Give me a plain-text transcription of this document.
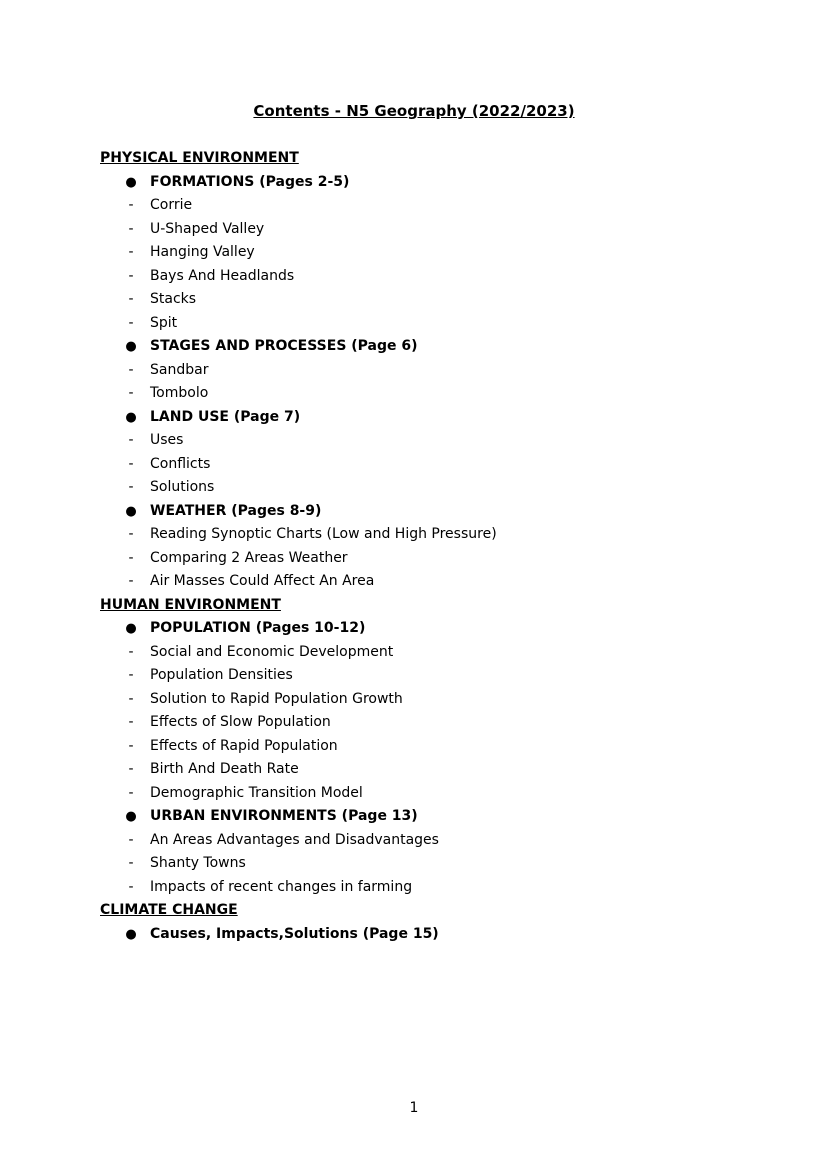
Contents - N5 Geography (2022/2023)
PHYSICAL ENVIRONMENT
● FORMATIONS (Pages 2-5)
-	Corrie
-	U-Shaped Valley
-	Hanging Valley
-	Bays And Headlands
-	Stacks
-	Spit
● STAGES AND PROCESSES (Page 6)
-	Sandbar
-	Tombolo
● LAND USE (Page 7)
-	Uses
-	Conflicts
-	Solutions
● WEATHER (Pages 8-9)
-	Reading Synoptic Charts (Low and High Pressure)
-	Comparing 2 Areas Weather
-	Air Masses Could Affect An Area
HUMAN ENVIRONMENT
● POPULATION (Pages 10-12)
-	Social and Economic Development
-	Population Densities
-	Solution to Rapid Population Growth
-	Effects of Slow Population
-	Effects of Rapid Population
-	Birth And Death Rate
-	Demographic Transition Model
● URBAN ENVIRONMENTS (Page 13)
-	An Areas Advantages and Disadvantages
-	Shanty Towns
-	Impacts of recent changes in farming
CLIMATE CHANGE
● Causes, Impacts,Solutions (Page 15)
1
